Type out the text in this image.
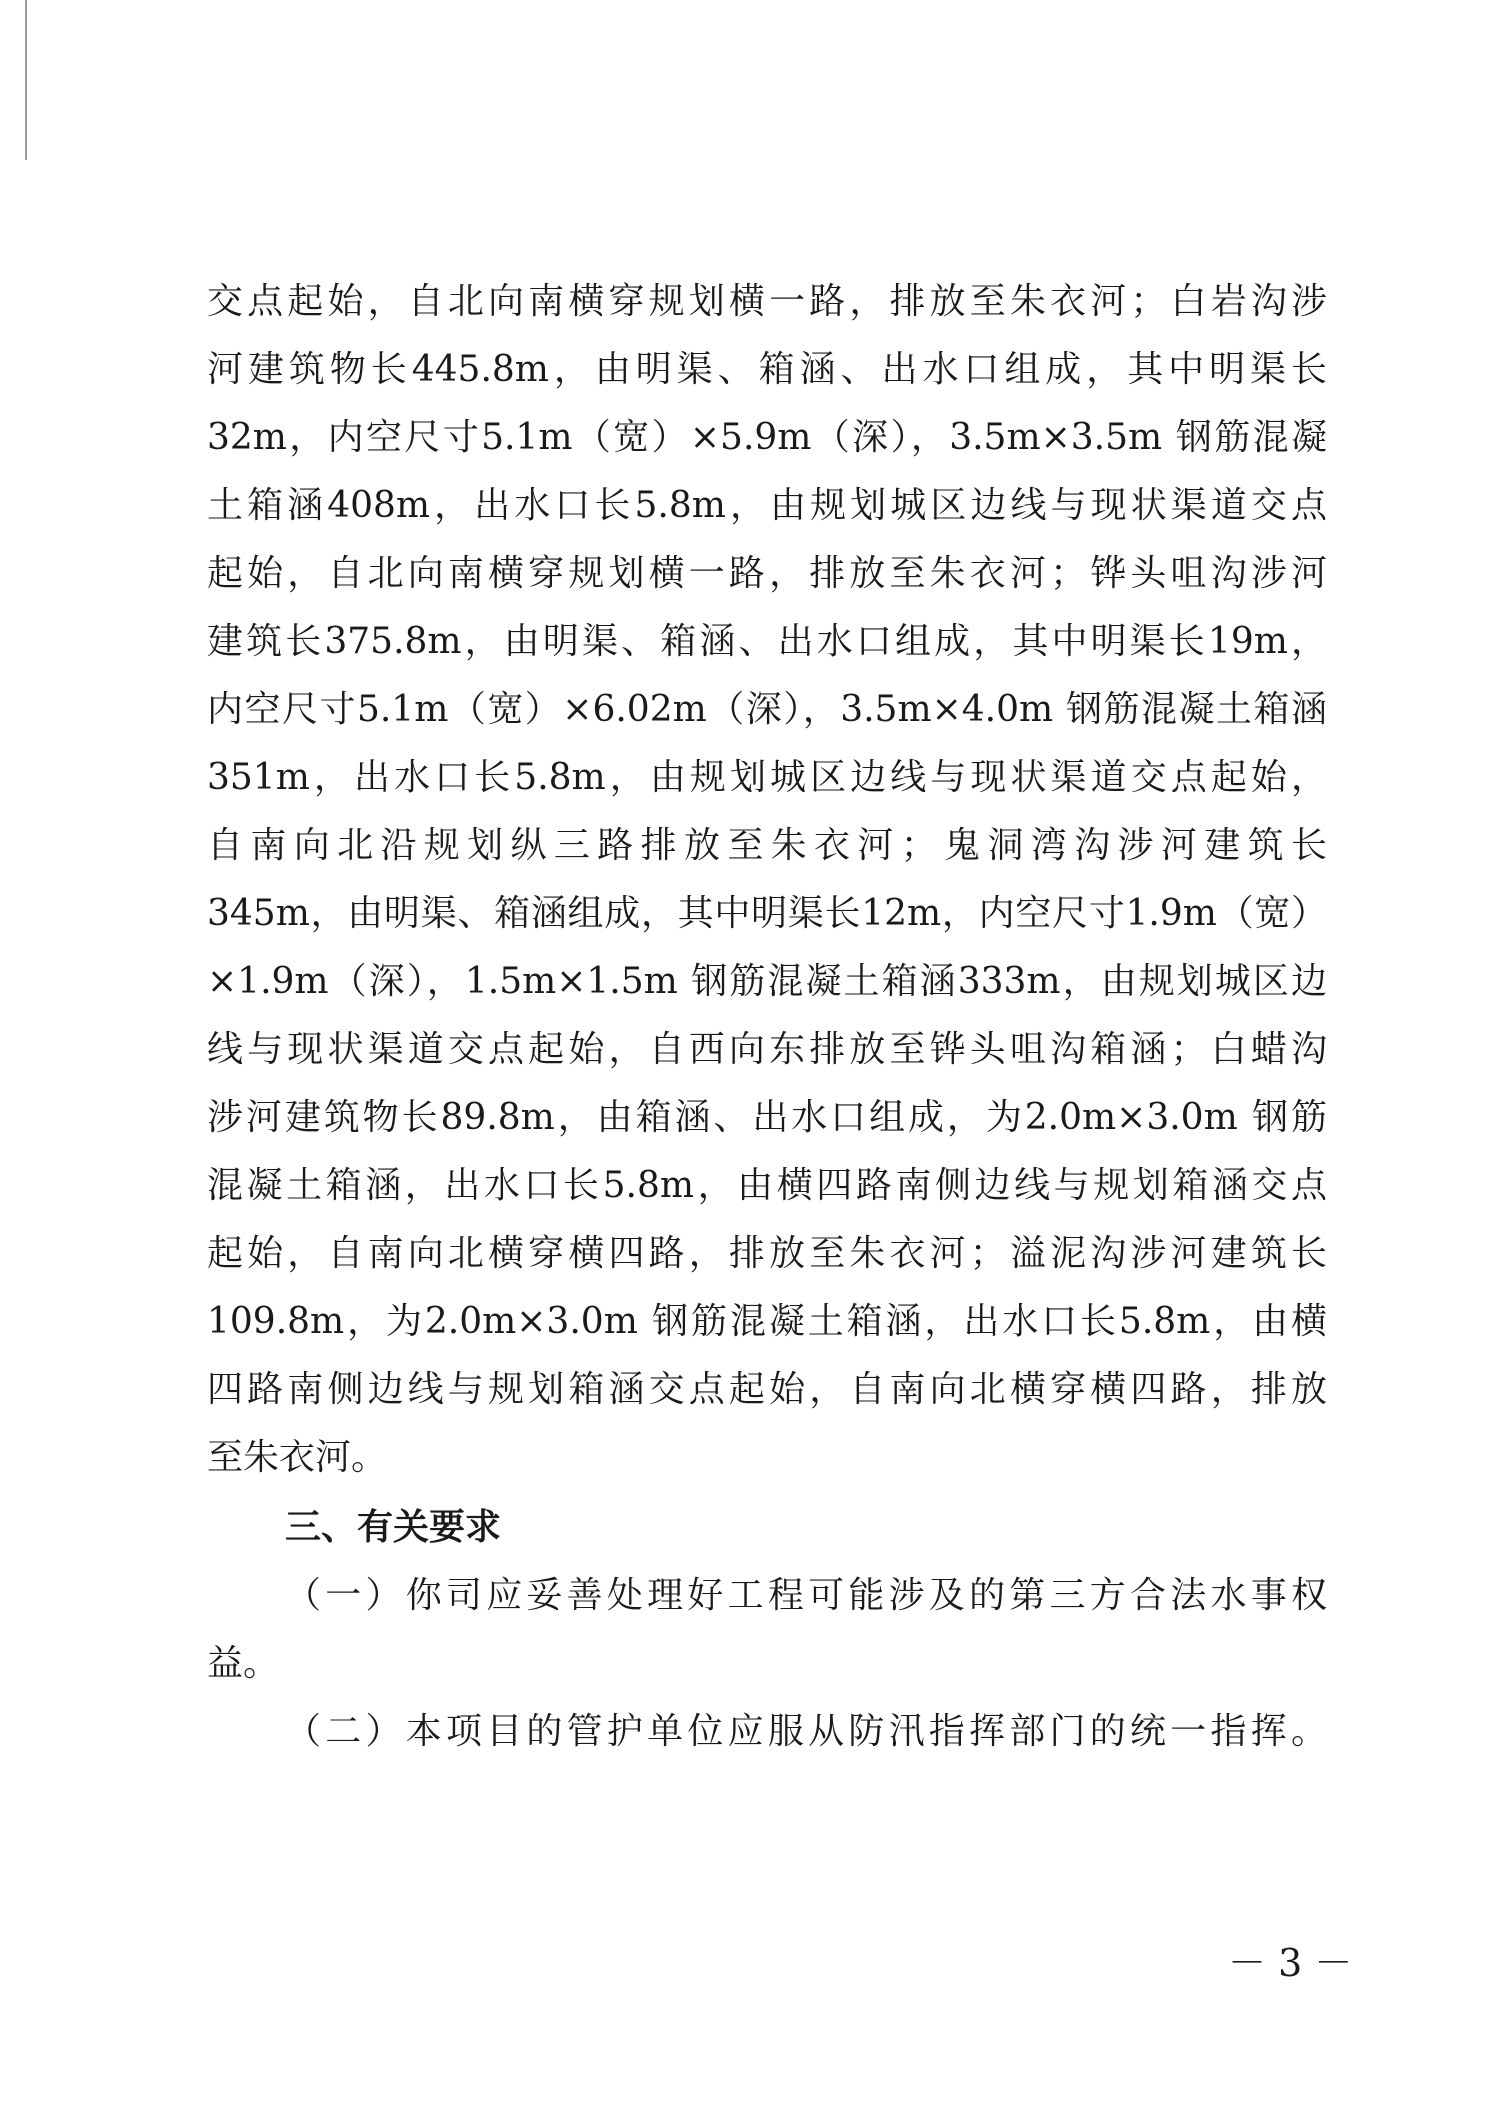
交点起始，自北向南横穿规划横一路，排放至朱衣河；白岩沟涉
河建筑物长445.8m，由明渠、箱涵、出水口组成，其中明渠长
32m，内空尺寸5.1m（宽）×5.9m（深），3.5m×3.5m 钢筋混凝
土箱涵408m，出水口长5.8m，由规划城区边线与现状渠道交点
起始，自北向南横穿规划横一路，排放至朱衣河；铧头咀沟涉河
建筑长375.8m，由明渠、箱涵、出水口组成，其中明渠长19m，
内空尺寸5.1m（宽）×6.02m（深），3.5m×4.0m 钢筋混凝土箱涵
351m，出水口长5.8m，由规划城区边线与现状渠道交点起始，
自南向北沿规划纵三路排放至朱衣河；鬼洞湾沟涉河建筑长
345m，由明渠、箱涵组成，其中明渠长12m，内空尺寸1.9m（宽）
×1.9m（深），1.5m×1.5m 钢筋混凝土箱涵333m，由规划城区边
线与现状渠道交点起始，自西向东排放至铧头咀沟箱涵；白蜡沟
涉河建筑物长89.8m，由箱涵、出水口组成，为2.0m×3.0m 钢筋
混凝土箱涵，出水口长5.8m，由横四路南侧边线与规划箱涵交点
起始，自南向北横穿横四路，排放至朱衣河；溢泥沟涉河建筑长
109.8m，为2.0m×3.0m 钢筋混凝土箱涵，出水口长5.8m，由横
四路南侧边线与规划箱涵交点起始，自南向北横穿横四路，排放
至朱衣河。
三、有关要求
（一）你司应妥善处理好工程可能涉及的第三方合法水事权
益。
（二）本项目的管护单位应服从防汛指挥部门的统一指挥。
－ 3 －
